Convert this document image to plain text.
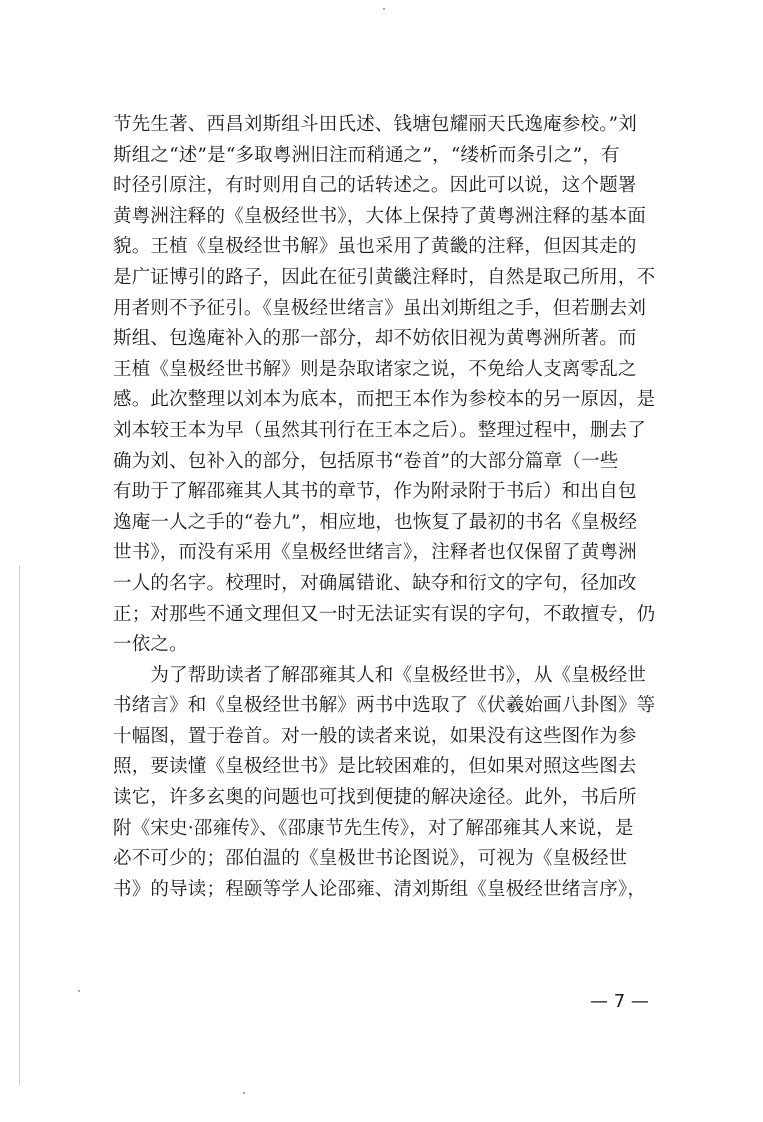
节先生著、西昌刘斯组斗田氏述、钱塘包耀丽天氏逸庵参校。”刘
斯组之“述”是“多取粤洲旧注而稍通之”，“缕析而条引之”，有
时径引原注，有时则用自己的话转述之。因此可以说，这个题署
黄粤洲注释的《皇极经世书》，大体上保持了黄粤洲注释的基本面
貌。王植《皇极经世书解》虽也采用了黄畿的注释，但因其走的
是广证博引的路子，因此在征引黄畿注释时，自然是取己所用，不
用者则不予征引。《皇极经世绪言》虽出刘斯组之手，但若删去刘
斯组、包逸庵补入的那一部分，却不妨依旧视为黄粤洲所著。而
王植《皇极经世书解》则是杂取诸家之说，不免给人支离零乱之
感。此次整理以刘本为底本，而把王本作为参校本的另一原因，是
刘本较王本为早（虽然其刊行在王本之后）。整理过程中，删去了
确为刘、包补入的部分，包括原书“卷首”的大部分篇章（一些
有助于了解邵雍其人其书的章节，作为附录附于书后）和出自包
逸庵一人之手的“卷九”，相应地，也恢复了最初的书名《皇极经
世书》，而没有采用《皇极经世绪言》，注释者也仅保留了黄粤洲
一人的名字。校理时，对确属错讹、缺夺和衍文的字句，径加改
正；对那些不通文理但又一时无法证实有误的字句，不敢擅专，仍
一依之。
　　为了帮助读者了解邵雍其人和《皇极经世书》，从《皇极经世
书绪言》和《皇极经世书解》两书中选取了《伏羲始画八卦图》等
十幅图，置于卷首。对一般的读者来说，如果没有这些图作为参
照，要读懂《皇极经世书》是比较困难的，但如果对照这些图去
读它，许多玄奥的问题也可找到便捷的解决途径。此外，书后所
附《宋史·邵雍传》、《邵康节先生传》，对了解邵雍其人来说，是
必不可少的；邵伯温的《皇极世书论图说》，可视为《皇极经世
书》的导读；程颐等学人论邵雍、清刘斯组《皇极经世绪言序》，
— 7 —
